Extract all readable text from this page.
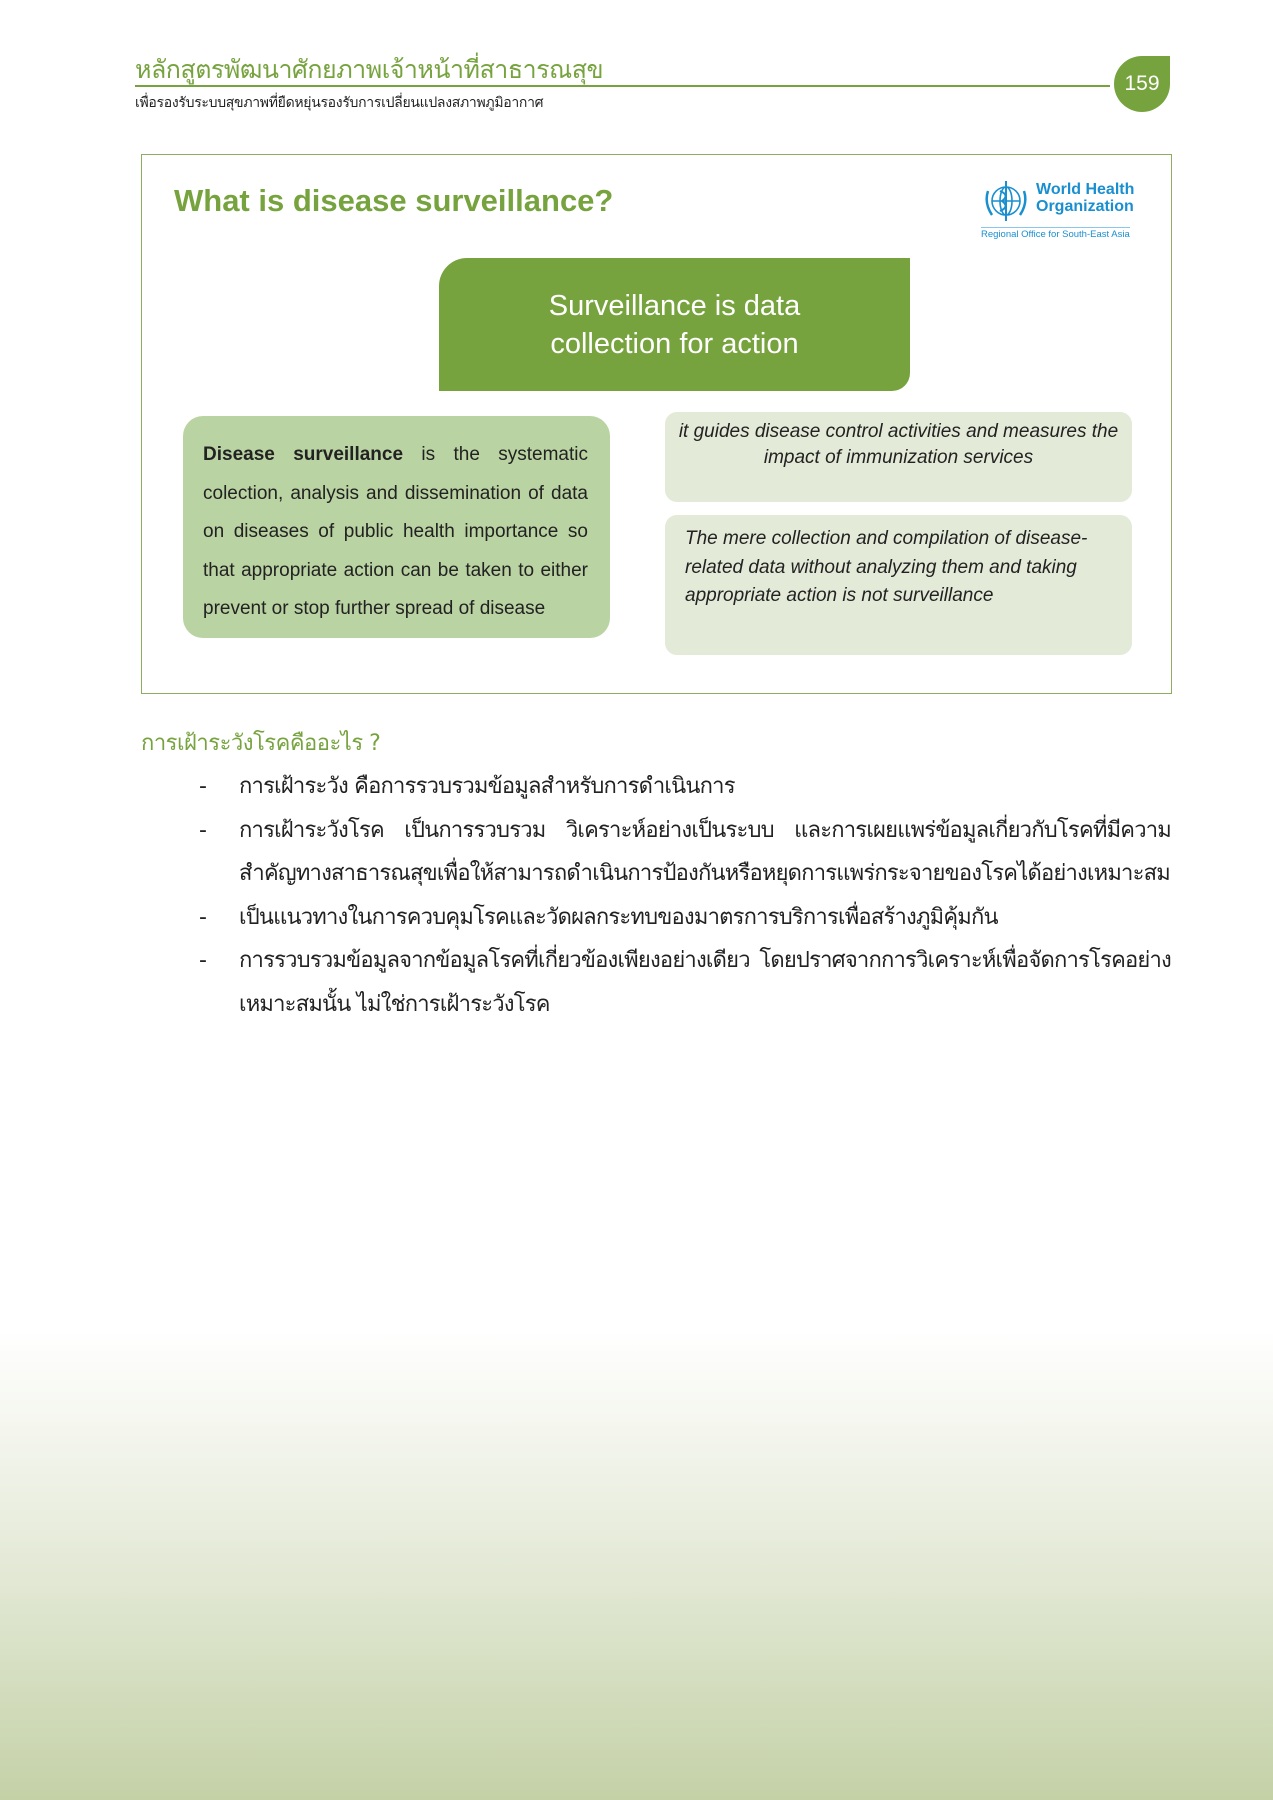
หลักสูตรพัฒนาศักยภาพเจ้าหน้าที่สาธารณสุข
เพื่อรองรับระบบสุขภาพที่ยืดหยุ่นรองรับการเปลี่ยนแปลงสภาพภูมิอากาศ
159
What is disease surveillance?	World Health
Organization
Regional Office for South-East Asia
Surveillance is data
collection for action
Disease surveillance is the systematic colection, analysis and dissemination of data on diseases of public health importance so that appropriate action can be taken to either prevent or stop further spread of disease
it guides disease control activities and measures the impact of immunization services
The mere collection and compilation of disease-related data without analyzing them and taking appropriate action is not surveillance
การเฝ้าระวังโรคคืออะไร ?
- การเฝ้าระวัง คือการรวบรวมข้อมูลสำหรับการดำเนินการ
- การเฝ้าระวังโรค เป็นการรวบรวม วิเคราะห์อย่างเป็นระบบ และการเผยแพร่ข้อมูลเกี่ยวกับโรคที่มีความสำคัญทางสาธารณสุขเพื่อให้สามารถดำเนินการป้องกันหรือหยุดการแพร่กระจายของโรคได้อย่างเหมาะสม
- เป็นแนวทางในการควบคุมโรคและวัดผลกระทบของมาตรการบริการเพื่อสร้างภูมิคุ้มกัน
- การรวบรวมข้อมูลจากข้อมูลโรคที่เกี่ยวข้องเพียงอย่างเดียว โดยปราศจากการวิเคราะห์เพื่อจัดการโรคอย่างเหมาะสมนั้น ไม่ใช่การเฝ้าระวังโรค
